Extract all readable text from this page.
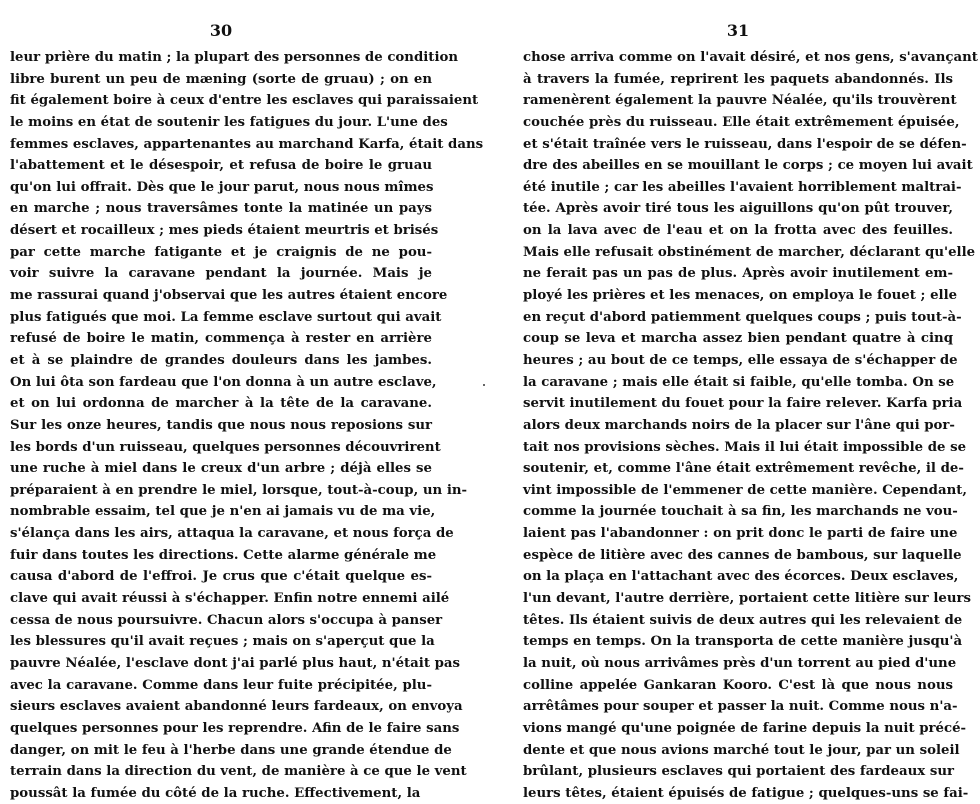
30
leur prière du matin ; la plupart des personnes de condition
libre burent un peu de mæning (sorte de gruau) ; on en
fit également boire à ceux d'entre les esclaves qui paraissaient
le moins en état de soutenir les fatigues du jour. L'une des
femmes esclaves, appartenantes au marchand Karfa, était dans
l'abattement et le désespoir, et refusa de boire le gruau
qu'on lui offrait. Dès que le jour parut, nous nous mîmes
en marche ; nous traversâmes tonte la matinée un pays
désert et rocailleux ; mes pieds étaient meurtris et brisés
par cette marche fatigante et je craignis de ne pou-
voir suivre la caravane pendant la journée. Mais je
me rassurai quand j'observai que les autres étaient encore
plus fatigués que moi. La femme esclave surtout qui avait
refusé de boire le matin, commença à rester en arrière
et à se plaindre de grandes douleurs dans les jambes.
On lui ôta son fardeau que l'on donna à un autre esclave,
et on lui ordonna de marcher à la tête de la caravane.
Sur les onze heures, tandis que nous nous reposions sur
les bords d'un ruisseau, quelques personnes découvrirent
une ruche à miel dans le creux d'un arbre ; déjà elles se
préparaient à en prendre le miel, lorsque, tout-à-coup, un in-
nombrable essaim, tel que je n'en ai jamais vu de ma vie,
s'élança dans les airs, attaqua la caravane, et nous força de
fuir dans toutes les directions. Cette alarme générale me
causa d'abord de l'effroi. Je crus que c'était quelque es-
clave qui avait réussi à s'échapper. Enfin notre ennemi ailé
cessa de nous poursuivre. Chacun alors s'occupa à panser
les blessures qu'il avait reçues ; mais on s'aperçut que la
pauvre Néalée, l'esclave dont j'ai parlé plus haut, n'était pas
avec la caravane. Comme dans leur fuite précipitée, plu-
sieurs esclaves avaient abandonné leurs fardeaux, on envoya
quelques personnes pour les reprendre. Afin de le faire sans
danger, on mit le feu à l'herbe dans une grande étendue de
terrain dans la direction du vent, de manière à ce que le vent
poussât la fumée du côté de la ruche. Effectivement, la
31
chose arriva comme on l'avait désiré, et nos gens, s'avançant
à travers la fumée, reprirent les paquets abandonnés. Ils
ramenèrent également la pauvre Néalée, qu'ils trouvèrent
couchée près du ruisseau. Elle était extrêmement épuisée,
et s'était traînée vers le ruisseau, dans l'espoir de se défen-
dre des abeilles en se mouillant le corps ; ce moyen lui avait
été inutile ; car les abeilles l'avaient horriblement maltrai-
tée. Après avoir tiré tous les aiguillons qu'on pût trouver,
on la lava avec de l'eau et on la frotta avec des feuilles.
Mais elle refusait obstinément de marcher, déclarant qu'elle
ne ferait pas un pas de plus. Après avoir inutilement em-
ployé les prières et les menaces, on employa le fouet ; elle
en reçut d'abord patiemment quelques coups ; puis tout-à-
coup se leva et marcha assez bien pendant quatre à cinq
heures ; au bout de ce temps, elle essaya de s'échapper de
la caravane ; mais elle était si faible, qu'elle tomba. On se
servit inutilement du fouet pour la faire relever. Karfa pria
alors deux marchands noirs de la placer sur l'âne qui por-
tait nos provisions sèches. Mais il lui était impossible de se
soutenir, et, comme l'âne était extrêmement revêche, il de-
vint impossible de l'emmener de cette manière. Cependant,
comme la journée touchait à sa fin, les marchands ne vou-
laient pas l'abandonner : on prit donc le parti de faire une
espèce de litière avec des cannes de bambous, sur laquelle
on la plaça en l'attachant avec des écorces. Deux esclaves,
l'un devant, l'autre derrière, portaient cette litière sur leurs
têtes. Ils étaient suivis de deux autres qui les relevaient de
temps en temps. On la transporta de cette manière jusqu'à
la nuit, où nous arrivâmes près d'un torrent au pied d'une
colline appelée Gankaran Kooro. C'est là que nous nous
arrêtâmes pour souper et passer la nuit. Comme nous n'a-
vions mangé qu'une poignée de farine depuis la nuit précé-
dente et que nous avions marché tout le jour, par un soleil
brûlant, plusieurs esclaves qui portaient des fardeaux sur
leurs têtes, étaient épuisés de fatigue ; quelques-uns se fai-
